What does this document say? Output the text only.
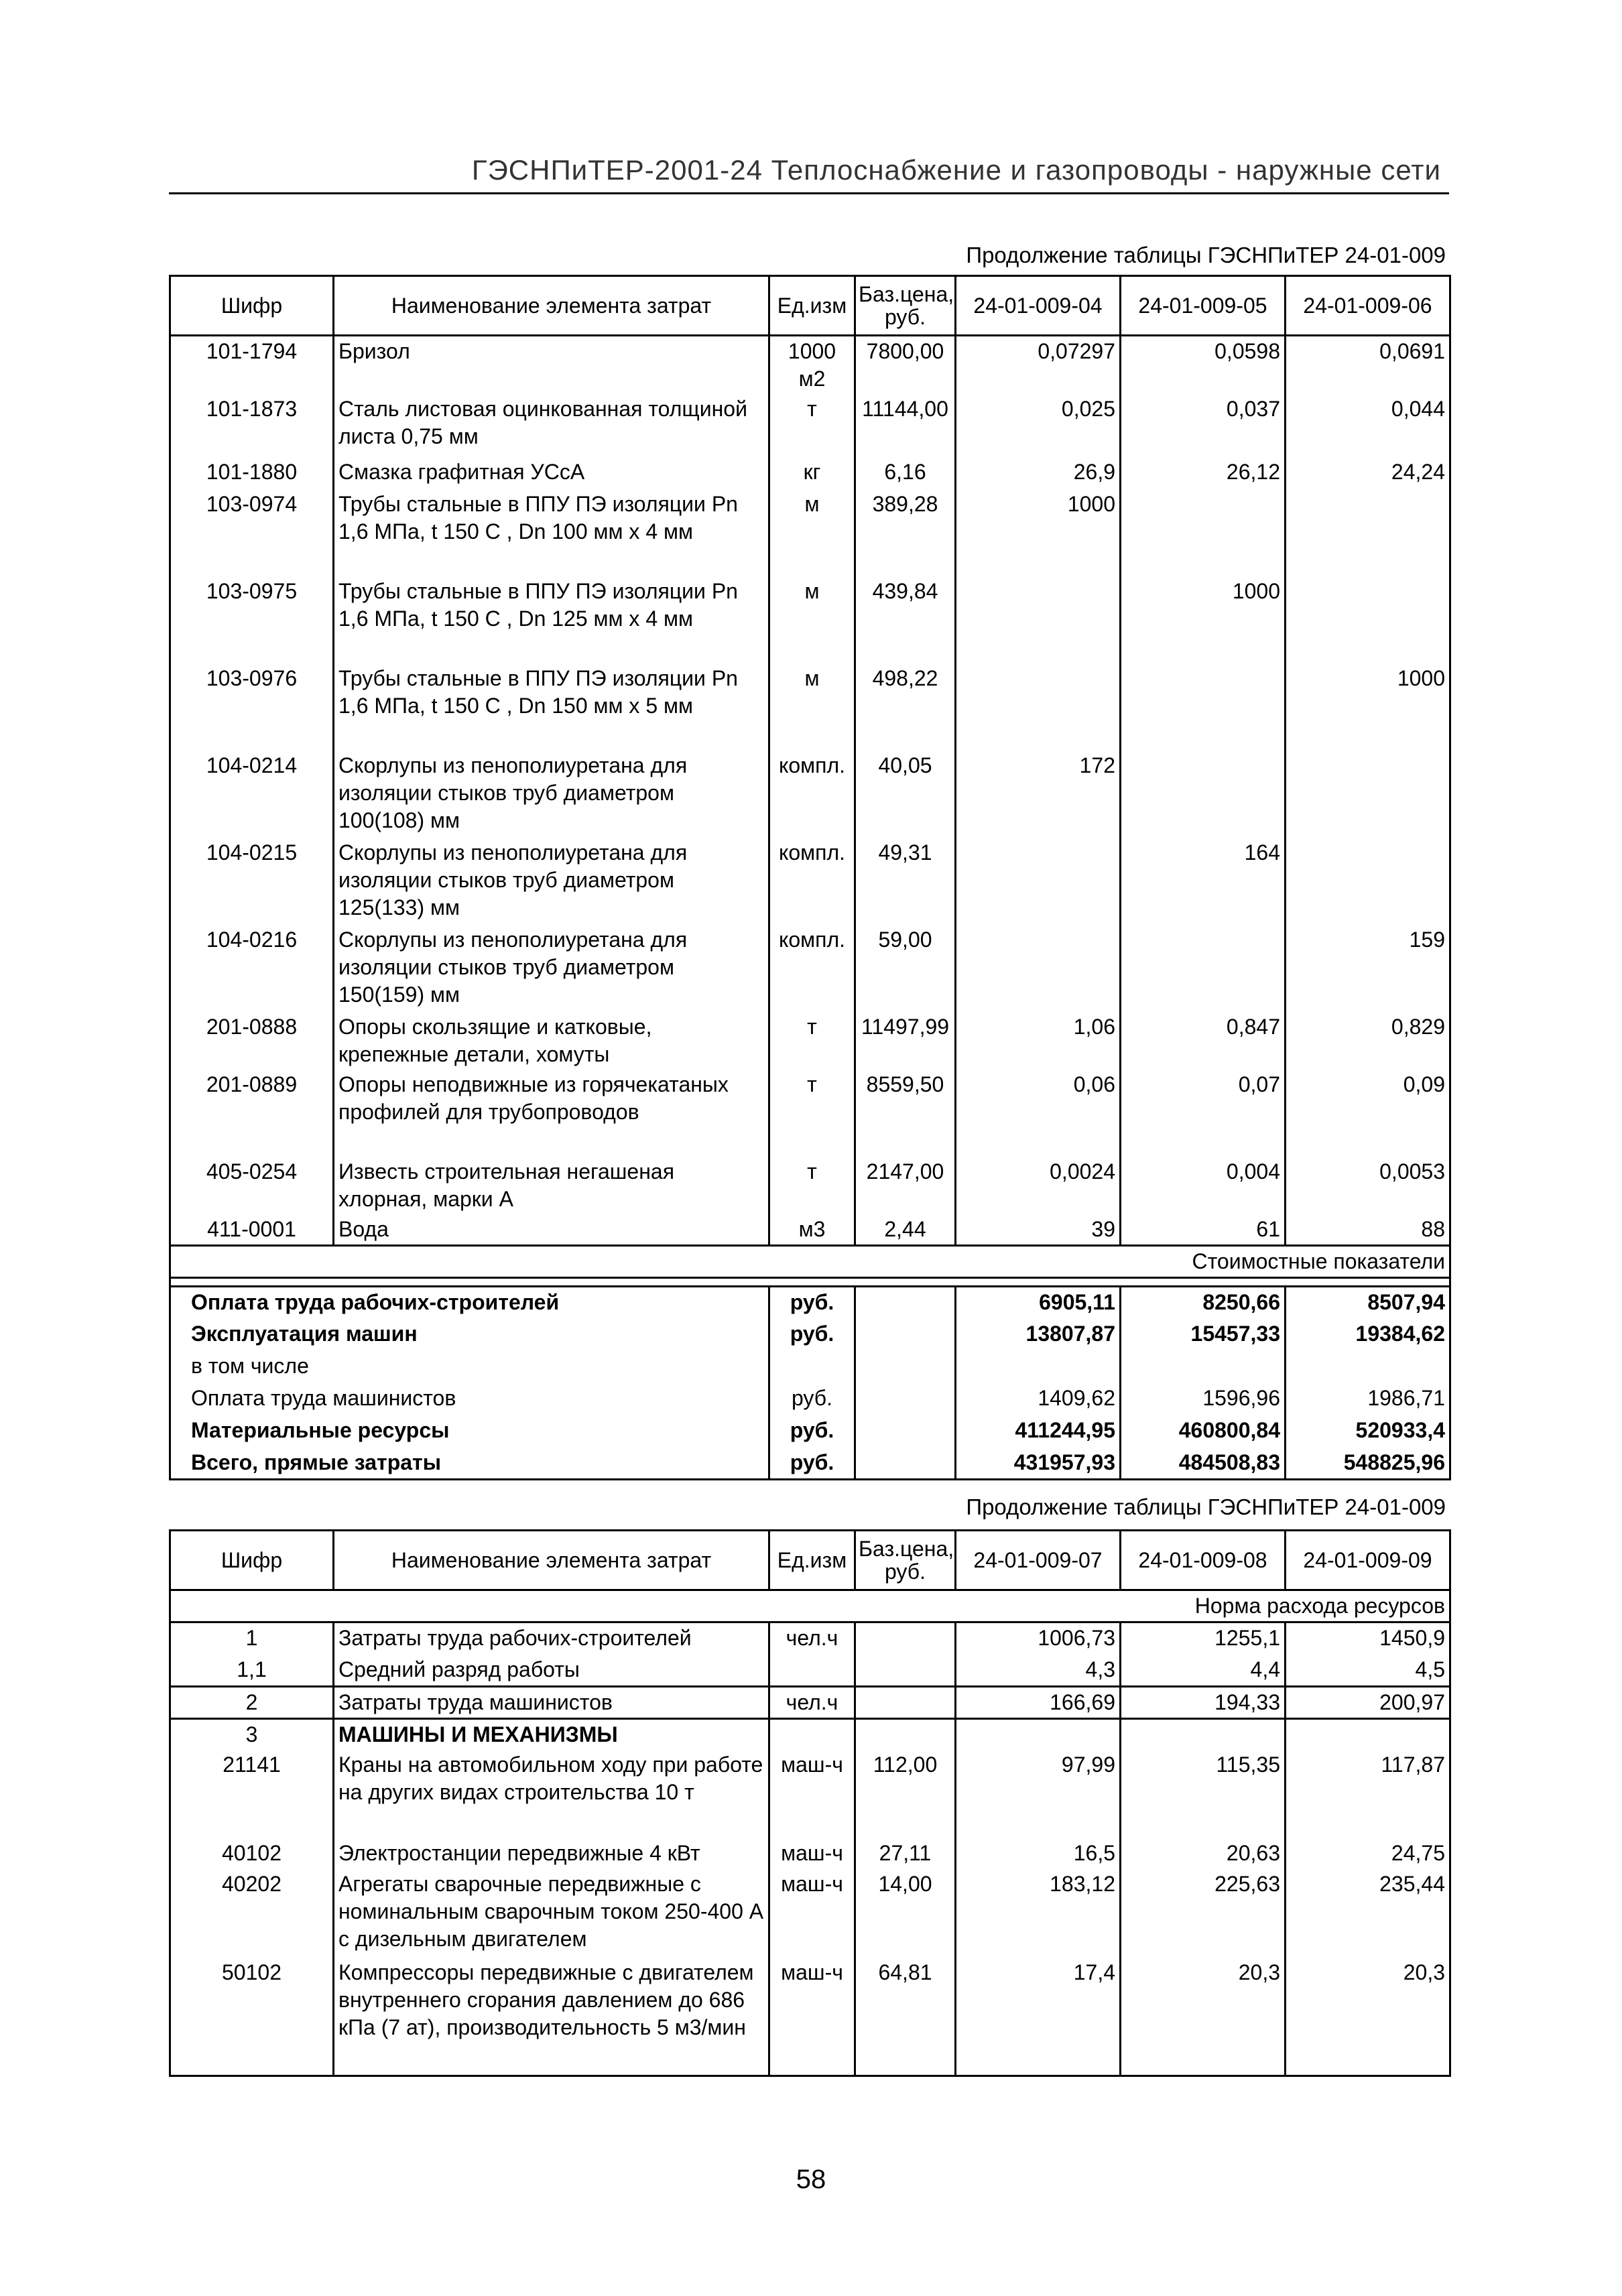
ГЭСНПиТЕР-2001-24 Теплоснабжение и газопроводы - наружные сети
Продолжение таблицы ГЭСНПиТЕР 24-01-009
Шифр	Наименование элемента затрат	Ед.изм	Баз.цена, руб.	24-01-009-04	24-01-009-05	24-01-009-06
101-1794	Бризол	1000 м2	7800,00	0,07297	0,0598	0,0691
101-1873	Сталь листовая оцинкованная толщиной листа 0,75 мм	т	11144,00	0,025	0,037	0,044
101-1880	Смазка графитная УСсА	кг	6,16	26,9	26,12	24,24
103-0974	Трубы стальные в ППУ ПЭ изоляции Рn 1,6 МПа, t 150 С , Dn 100 мм х 4 мм	м	389,28	1000		
103-0975	Трубы стальные в ППУ ПЭ изоляции Рn 1,6 МПа, t 150 С , Dn 125 мм х 4 мм	м	439,84		1000	
103-0976	Трубы стальные в ППУ ПЭ изоляции Рn 1,6 МПа, t 150 С , Dn 150 мм х 5 мм	м	498,22			1000
104-0214	Скорлупы из пенополиуретана для изоляции стыков труб диаметром 100(108) мм	компл.	40,05	172		
104-0215	Скорлупы из пенополиуретана для изоляции стыков труб диаметром 125(133) мм	компл.	49,31		164	
104-0216	Скорлупы из пенополиуретана для изоляции стыков труб диаметром 150(159) мм	компл.	59,00			159
201-0888	Опоры скользящие и катковые, крепежные детали, хомуты	т	11497,99	1,06	0,847	0,829
201-0889	Опоры неподвижные из горячекатаных профилей для трубопроводов	т	8559,50	0,06	0,07	0,09
405-0254	Известь строительная негашеная хлорная, марки А	т	2147,00	0,0024	0,004	0,0053
411-0001	Вода	м3	2,44	39	61	88
Стоимостные показатели						

Оплата труда рабочих-строителей		руб.		6905,11	8250,66	8507,94
Эксплуатация машин		руб.		13807,87	15457,33	19384,62
в том числе						
Оплата труда машинистов		руб.		1409,62	1596,96	1986,71
Материальные ресурсы		руб.		411244,95	460800,84	520933,4
Всего, прямые затраты		руб.		431957,93	484508,83	548825,96
Продолжение таблицы ГЭСНПиТЕР 24-01-009
Шифр	Наименование элемента затрат	Ед.изм	Баз.цена, руб.	24-01-009-07	24-01-009-08	24-01-009-09
Норма расхода ресурсов						
1	Затраты труда рабочих-строителей	чел.ч		1006,73	1255,1	1450,9
1,1	Средний разряд работы			4,3	4,4	4,5
2	Затраты труда машинистов	чел.ч		166,69	194,33	200,97
3	МАШИНЫ И МЕХАНИЗМЫ					
21141	Краны на автомобильном ходу при работе на других видах строительства 10 т	маш-ч	112,00	97,99	115,35	117,87
40102	Электростанции передвижные 4 кВт	маш-ч	27,11	16,5	20,63	24,75
40202	Агрегаты сварочные передвижные с номинальным сварочным током 250-400 А с дизельным двигателем	маш-ч	14,00	183,12	225,63	235,44
50102	Компрессоры передвижные с двигателем внутреннего сгорания давлением до 686 кПа (7 ат), производительность 5 м3/мин	маш-ч	64,81	17,4	20,3	20,3
58
